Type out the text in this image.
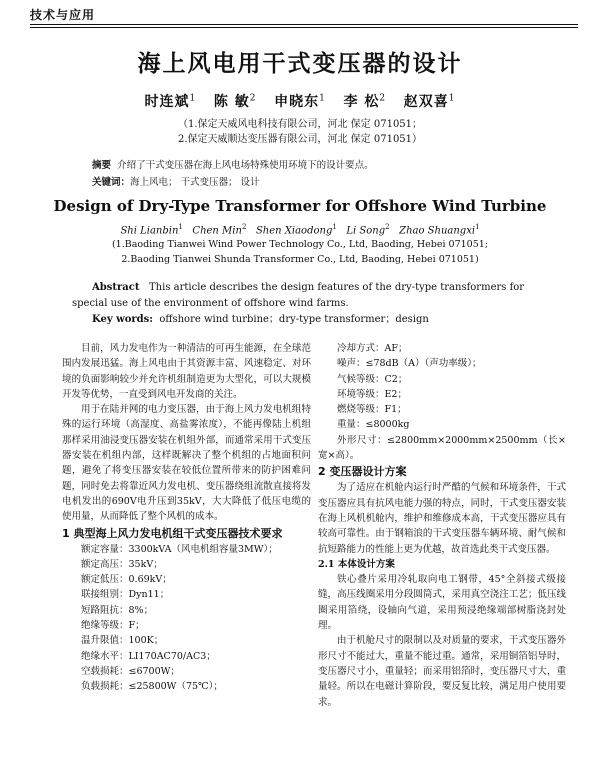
技术与应用
海上风电用干式变压器的设计
时连斌$^1$ 陈 敏$^2$ 申晓东$^1$ 李 松$^2$ 赵双喜$^1$
（1.保定天威风电科技有限公司，河北 保定 071051；
2.保定天威顺达变压器有限公司，河北 保定 071051）
摘要 介绍了干式变压器在海上风电场特殊使用环境下的设计要点。
关键词：海上风电； 干式变压器； 设计
Design of Dry-Type Transformer for Offshore Wind Turbine
Shi Lianbin$^1$ Chen Min$^2$ Shen Xiaodong$^1$ Li Song$^2$ Zhao Shuangxi$^1$
(1.Baoding Tianwei Wind Power Technology Co., Ltd, Baoding, Hebei 071051;
2.Baoding Tianwei Shunda Transformer Co., Ltd, Baoding, Hebei 071051)
Abstract This article describes the design features of the dry-type transformers for special use of the environment of offshore wind farms.
Key words: offshore wind turbine；dry-type transformer；design

目前，风力发电作为一种清洁的可再生能源，在全球范围内发展迅猛。海上风电由于其资源丰富、风速稳定、对环境的负面影响较少并允许机组制造更为大型化，可以大规模开发等优势，一直受到风电开发商的关注。

用于在陆并网的电力变压器，由于海上风力发电机组特殊的运行环境（高湿度、高盐雾浓度），不能再像陆上机组那样采用油浸变压器安装在机组外部，而通常采用干式变压器安装在机组内部，这样既解决了整个机组的占地面积问题，避免了将变压器安装在较低位置所带来的防护困难问题，同时免去将靠近风力发电机、变压器绕组流散直接将发电机发出的690V电升压到35kV，大大降低了低压电缆的使用量，从而降低了整个风机的成本。

1 典型海上风力发电机组干式变压器技术要求

额定容量：3300kVA（风电机组容量3MW）；
额定高压：35kV；
额定低压：0.69kV；
联接组别：Dyn11；
短路阻抗：8%；
绝缘等级：F；
温升限值：100K；
绝缘水平：LI170AC70/AC3；
空载损耗：≤6700W；
负载损耗：≤25800W（75℃）；
冷却方式：AF；
噪声：≤78dB（A）（声功率级）；
气候等级：C2；
环境等级：E2；
燃烧等级：F1；
重量：≤8000kg
外形尺寸：≤2800mm×2000mm×2500mm（长×宽×高）。

2 变压器设计方案

为了适应在机舱内运行时严酷的气候和环境条件，干式变压器应具有抗风电能力强的特点，同时，干式变压器安装在海上风机机舱内，维护和维修成本高，干式变压器应具有较高可靠性。由于钢箱浪的干式变压器车辆环境、耐气候和抗短路能力的性能上更为优越，故首选此类干式变压器。

2.1 本体设计方案

铁心叠片采用冷轧取向电工钢带，45°全斜接式级接缝，高压线圈采用分段圆筒式，采用真空浇注工艺；低压线圈采用箔绕，设轴向气道，采用预浸绝缘端部树脂浇封处理。

由于机舱尺寸的限制以及对质量的要求，干式变压器外形尺寸不能过大，重量不能过重。通常，采用铜箔铝导时，变压器尺寸小，重量轻；而采用铝箔时，变压器尺寸大，重量轻。所以在电磁计算阶段，要反复比较，满足用户使用要求。
